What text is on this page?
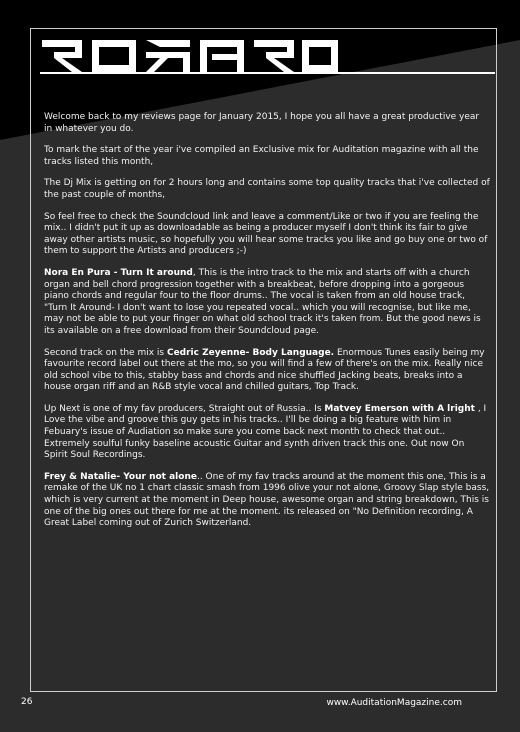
Welcome back to my reviews page for January 2015, I hope you all have a great productive year in whatever you do.

To mark the start of the year i've compiled an Exclusive mix for Auditation magazine with all the tracks listed this month,

The Dj Mix is getting on for 2 hours long and contains some top quality tracks that i've collected of the past couple of months,

So feel free to check the Soundcloud link and leave a comment/Like or two if you are feeling the mix.. I didn't put it up as downloadable as being a producer myself I don't think its fair to give away other artists music, so hopefully you will hear some tracks you like and go buy one or two of them to support the Artists and producers ;-)

Nora En Pura - Turn It around, This is the intro track to the mix and starts off with a church organ and bell chord progression together with a breakbeat, before dropping into a gorgeous piano chords and regular four to the floor drums.. The vocal is taken from an old house track, "Turn It Around- I don't want to lose you repeated vocal.. which you will recognise, but like me, may not be able to put your finger on what old school track it's taken from. But the good news is its available on a free download from their Soundcloud page.

Second track on the mix is Cedric Zeyenne- Body Language. Enormous Tunes easily being my favourite record label out there at the mo, so you will find a few of there's on the mix. Really nice old school vibe to this, stabby bass and chords and nice shuffled Jacking beats, breaks into a house organ riff and an R&B style vocal and chilled guitars, Top Track.

Up Next is one of my fav producers, Straight out of Russia.. Is Matvey Emerson with A lright , I Love the vibe and groove this guy gets in his tracks.. I'll be doing a big feature with him in Febuary's issue of Audiation so make sure you come back next month to check that out.. Extremely soulful funky baseline acoustic Guitar and synth driven track this one. Out now On Spirit Soul Recordings.

Frey & Natalie- Your not alone.. One of my fav tracks around at the moment this one, This is a remake of the UK no 1 chart classic smash from 1996 olive your not alone, Groovy Slap style bass, which is very current at the moment in Deep house, awesome organ and string breakdown, This is one of the big ones out there for me at the moment. its released on "No Definition recording, A Great Label coming out of Zurich Switzerland.

26	www.AuditationMagazine.com
